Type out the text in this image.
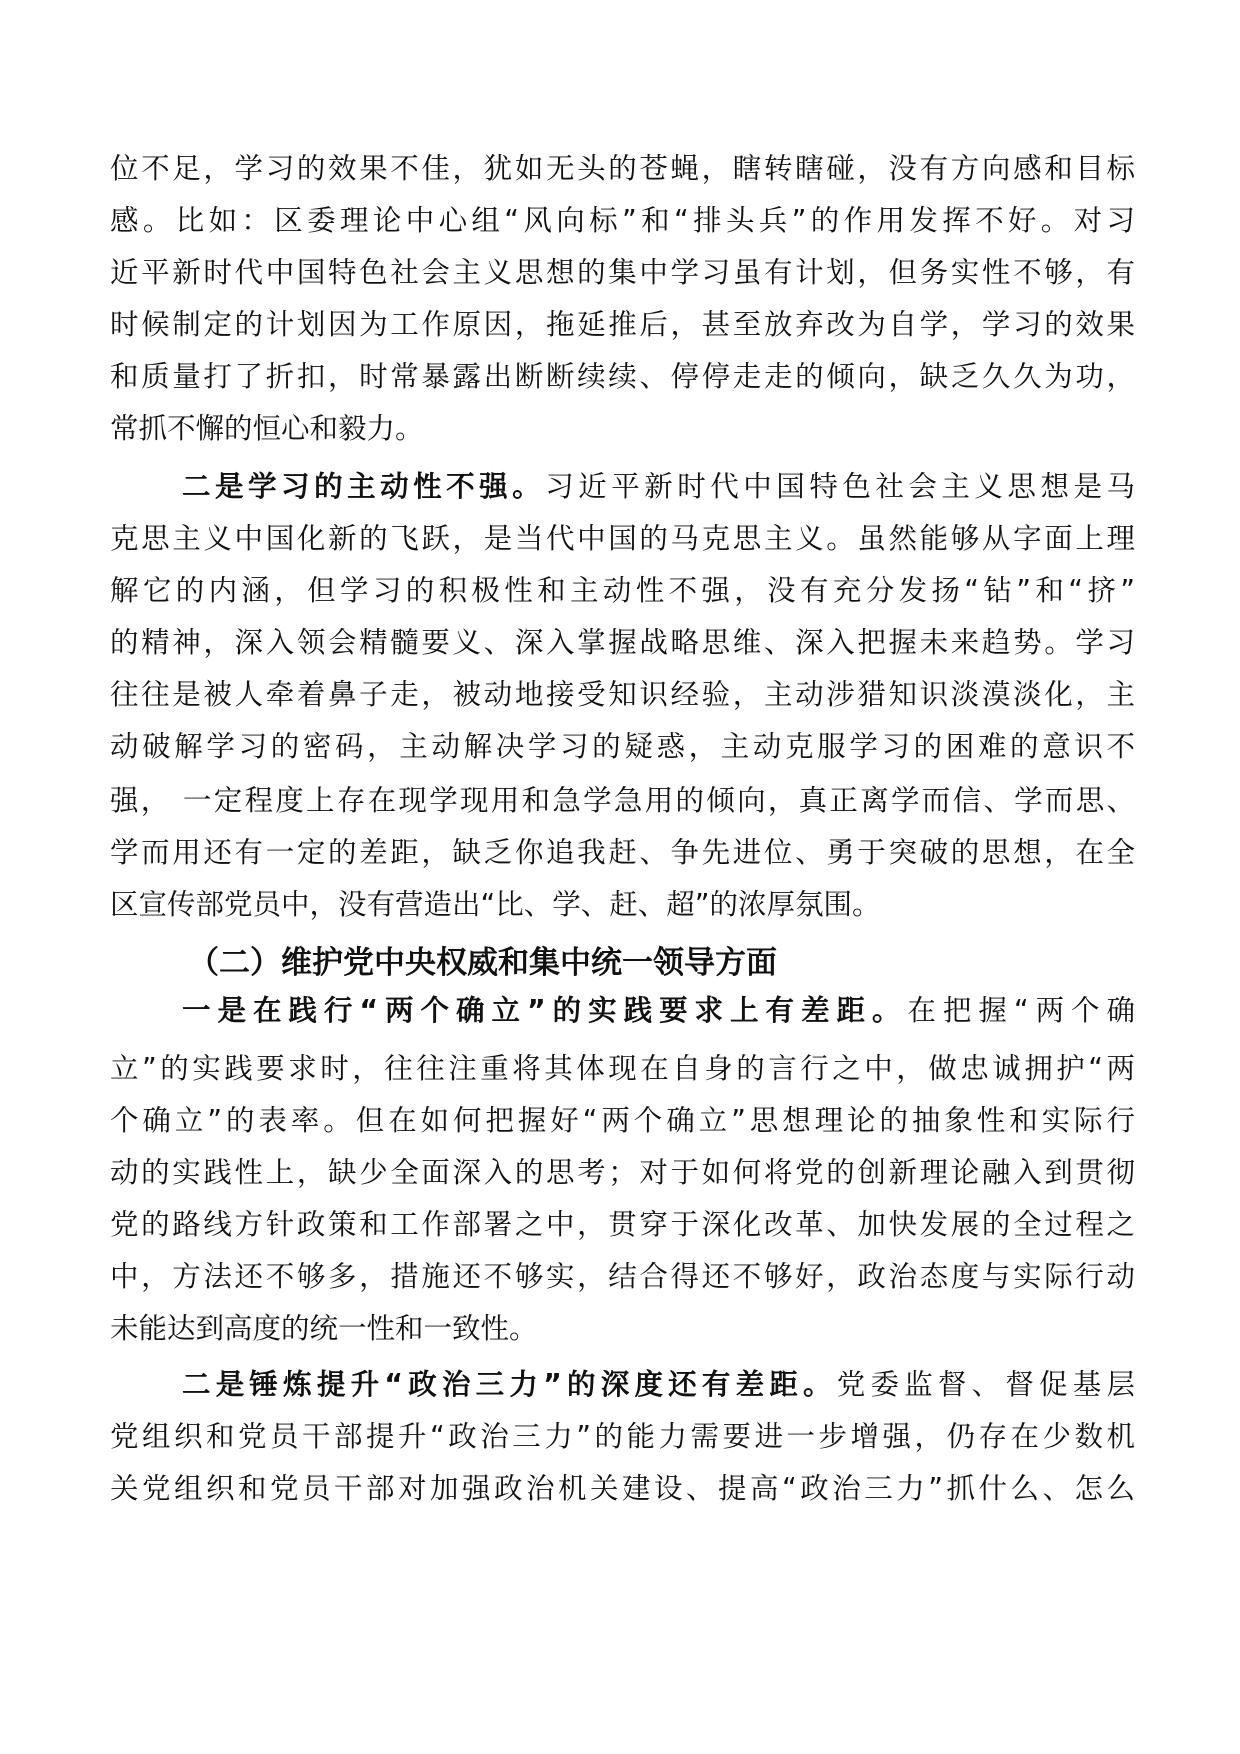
位不足，学习的效果不佳，犹如无头的苍蝇，瞎转瞎碰，没有方向感和目标
感。比如：区委理论中心组“风向标”和“排头兵”的作用发挥不好。对习
近平新时代中国特色社会主义思想的集中学习虽有计划，但务实性不够，有
时候制定的计划因为工作原因，拖延推后，甚至放弃改为自学，学习的效果
和质量打了折扣，时常暴露出断断续续、停停走走的倾向，缺乏久久为功，
常抓不懈的恒心和毅力。
二是学习的主动性不强。习近平新时代中国特色社会主义思想是马
克思主义中国化新的飞跃，是当代中国的马克思主义。虽然能够从字面上理
解它的内涵，但学习的积极性和主动性不强，没有充分发扬“钻”和“挤”
的精神，深入领会精髓要义、深入掌握战略思维、深入把握未来趋势。学习
往往是被人牵着鼻子走，被动地接受知识经验，主动涉猎知识淡漠淡化，主
动破解学习的密码，主动解决学习的疑惑，主动克服学习的困难的意识不
强， 一定程度上存在现学现用和急学急用的倾向，真正离学而信、学而思、
学而用还有一定的差距，缺乏你追我赶、争先进位、勇于突破的思想，在全
区宣传部党员中，没有营造出“比、学、赶、超”的浓厚氛围。
（二）维护党中央权威和集中统一领导方面
一是在践行“两个确立”的实践要求上有差距。在把握“两个确
立”的实践要求时，往往注重将其体现在自身的言行之中，做忠诚拥护“两
个确立”的表率。但在如何把握好“两个确立”思想理论的抽象性和实际行
动的实践性上，缺少全面深入的思考；对于如何将党的创新理论融入到贯彻
党的路线方针政策和工作部署之中，贯穿于深化改革、加快发展的全过程之
中，方法还不够多，措施还不够实，结合得还不够好，政治态度与实际行动
未能达到高度的统一性和一致性。
二是锤炼提升“政治三力”的深度还有差距。党委监督、督促基层
党组织和党员干部提升“政治三力”的能力需要进一步增强，仍存在少数机
关党组织和党员干部对加强政治机关建设、提高“政治三力”抓什么、怎么
